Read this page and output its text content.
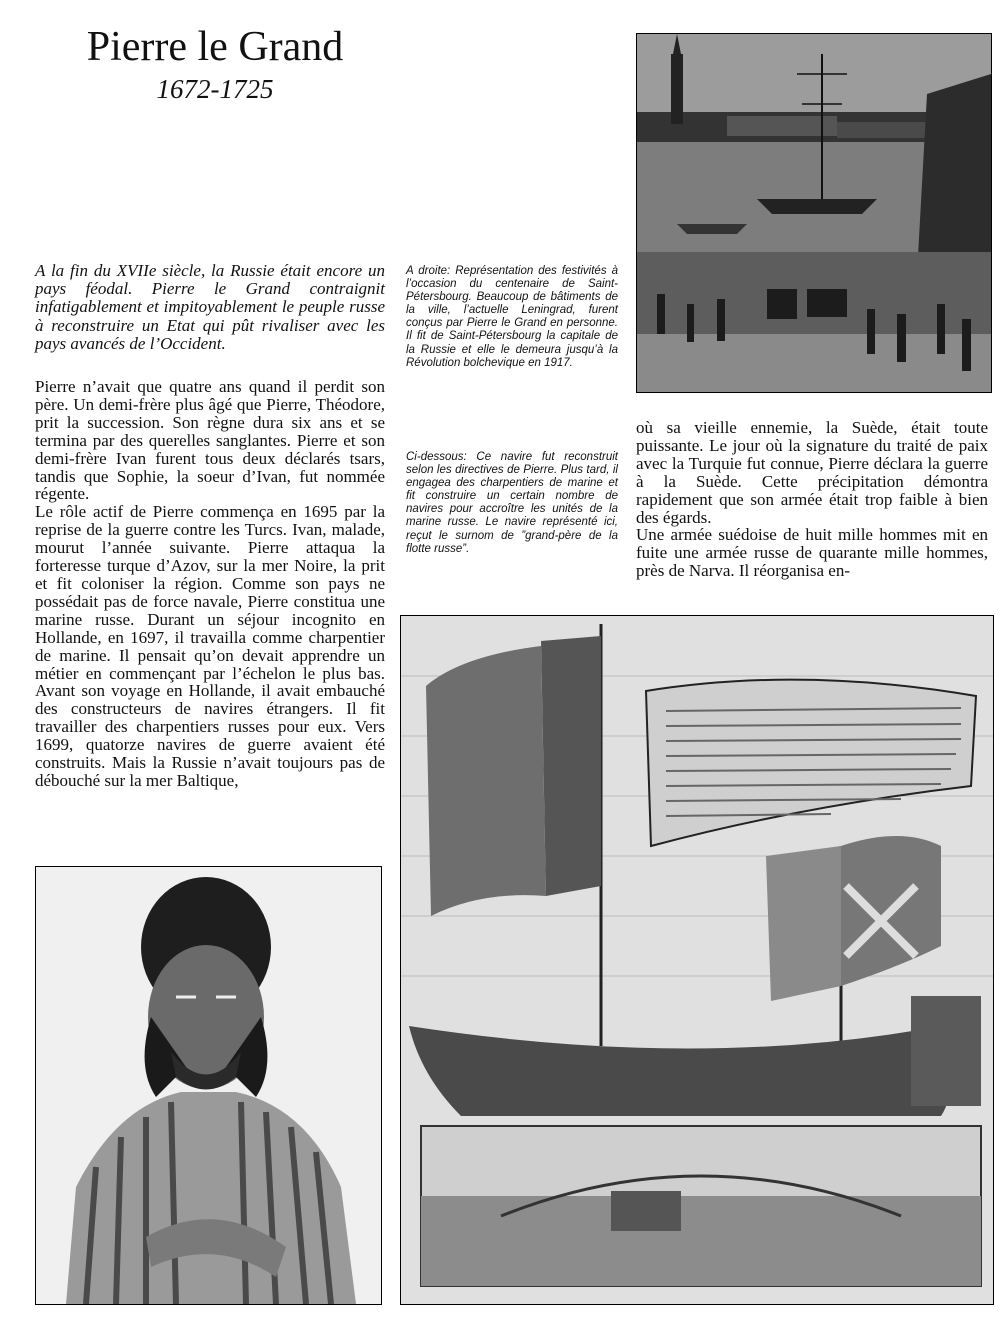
Pierre le Grand
1672-1725
A la fin du XVIIe siècle, la Russie était encore un pays féodal. Pierre le Grand contraignit infatigablement et impitoyablement le peuple russe à reconstruire un Etat qui pût rivaliser avec les pays avancés de l’Occident.
A droite: Représentation des festivités à l’occasion du centenaire de Saint-Pétersbourg. Beaucoup de bâtiments de la ville, l’actuelle Leningrad, furent conçus par Pierre le Grand en personne. Il fit de Saint-Pétersbourg la capitale de la Russie et elle le demeura jusqu’à la Révolution bolchevique en 1917.
Ci-dessous: Ce navire fut reconstruit selon les directives de Pierre. Plus tard, il engagea des charpentiers de marine et fit construire un certain nombre de navires pour accroître les unités de la marine russe. Le navire représenté ici, reçut le surnom de ”grand-père de la flotte russe”.

Pierre n’avait que quatre ans quand il perdit son père. Un demi-frère plus âgé que Pierre, Théodore, prit la succession. Son règne dura six ans et se termina par des querelles sanglantes. Pierre et son demi-frère Ivan furent tous deux déclarés tsars, tandis que Sophie, la soeur d’Ivan, fut nommée régente.

Le rôle actif de Pierre commença en 1695 par la reprise de la guerre contre les Turcs. Ivan, malade, mourut l’année suivante. Pierre attaqua la forteresse turque d’Azov, sur la mer Noire, la prit et fit coloniser la région. Comme son pays ne possédait pas de force navale, Pierre constitua une marine russe. Durant un séjour incognito en Hollande, en 1697, il travailla comme charpentier de marine. Il pensait qu’on devait apprendre un métier en commençant par l’échelon le plus bas. Avant son voyage en Hollande, il avait embauché des constructeurs de navires étrangers. Il fit travailler des charpentiers russes pour eux. Vers 1699, quatorze navires de guerre avaient été construits. Mais la Russie n’avait toujours pas de débouché sur la mer Baltique,

où sa vieille ennemie, la Suède, était toute puissante. Le jour où la signature du traité de paix avec la Turquie fut connue, Pierre déclara la guerre à la Suède. Cette précipitation démontra rapidement que son armée était trop faible à bien des égards.

Une armée suédoise de huit mille hommes mit en fuite une armée russe de quarante mille hommes, près de Narva. Il réorganisa en-
